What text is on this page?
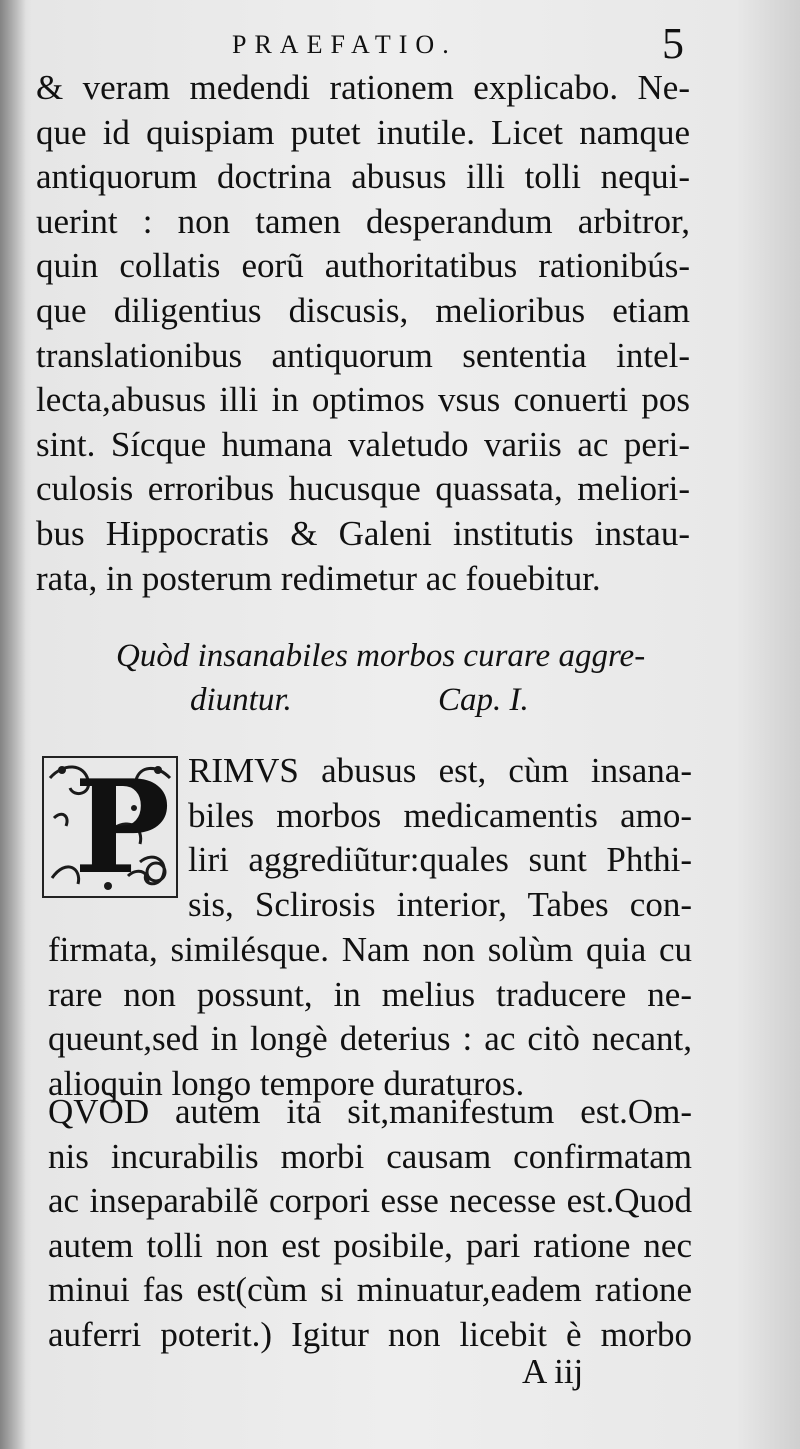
PRAEFATIO.	5
& veram medendi rationem explicabo. Ne-
que id quispiam putet inutile. Licet namque
antiquorum doctrina abusus illi tolli nequi-
uerint : non tamen desperandum arbitror,
quin collatis eorũ authoritatibus rationibús-
que diligentius discusis, melioribus etiam
translationibus antiquorum sententia intel-
lecta,abusus illi in optimos vsus conuerti pos
sint. Sícque humana valetudo variis ac peri-
culosis erroribus hucusque quassata, meliori-
bus Hippocratis & Galeni institutis instau-
rata, in posterum redimetur ac fouebitur.
Quòd insanabiles morbos curare aggre-
diuntur.	Cap. I.
P RIMVS abusus est, cùm insana-
biles morbos medicamentis amo-
liri aggrediũtur:quales sunt Phthi-
sis, Sclirosis interior, Tabes con-
firmata, similésque. Nam non solùm quia cu
rare non possunt, in melius traducere ne-
queunt,sed in longè deterius : ac citò necant,
alioquin longo tempore duraturos.
QVÒD autem ita sit,manifestum est.Om-
nis incurabilis morbi causam confirmatam
ac inseparabilẽ corpori esse necesse est.Quod
autem tolli non est posibile, pari ratione nec
minui fas est(cùm si minuatur,eadem ratione
auferri poterit.) Igitur non licebit è morbo
A iij
